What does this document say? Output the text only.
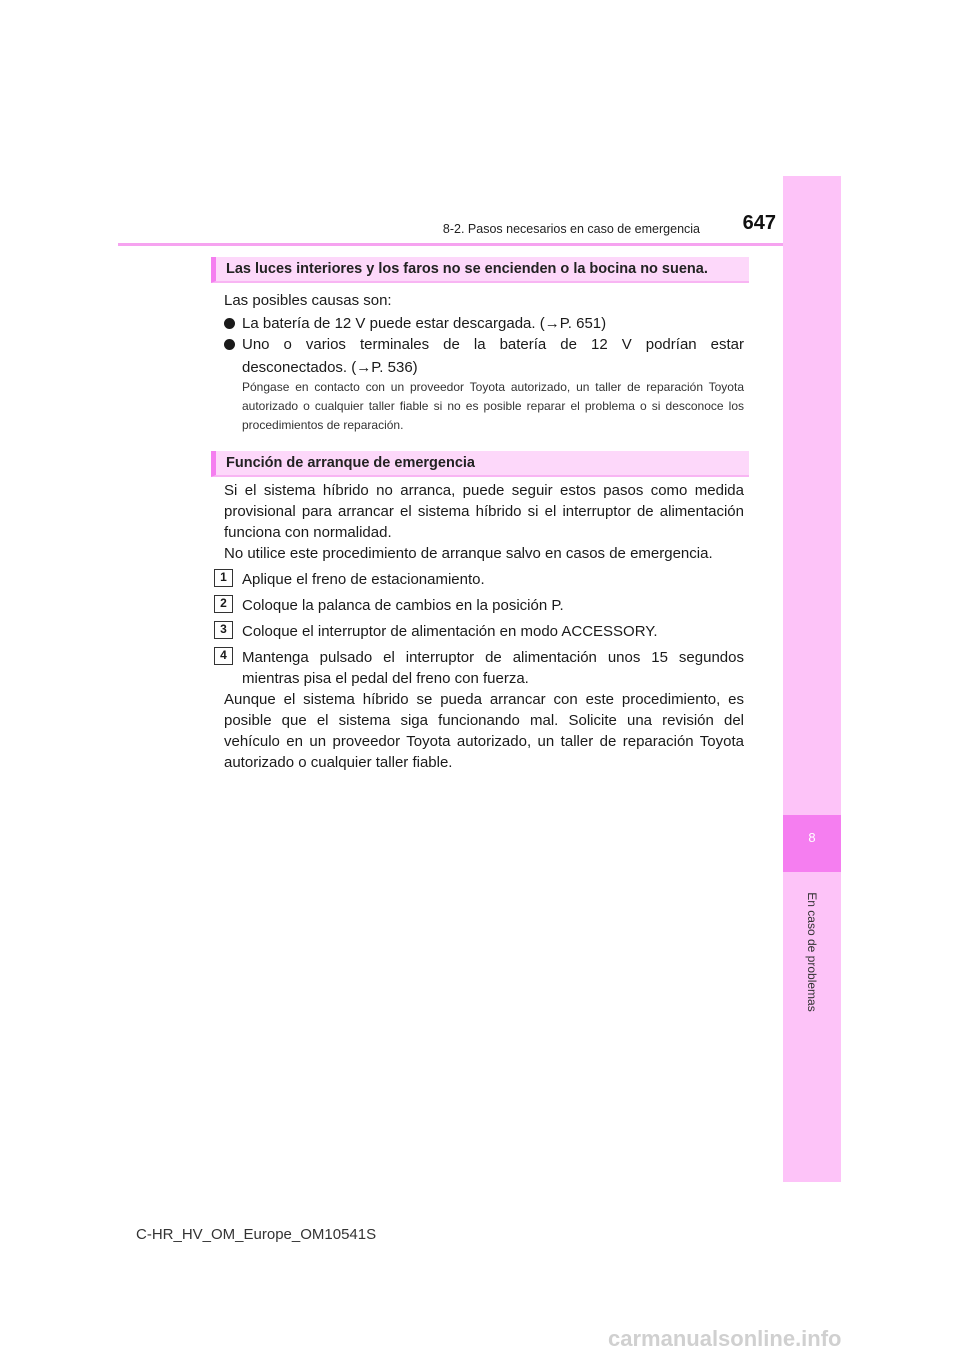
8-2. Pasos necesarios en caso de emergencia	647
8
En caso de problemas
Las luces interiores y los faros no se encienden o la bocina no suena.
Las posibles causas son:
La batería de 12 V puede estar descargada. (→P. 651)
Uno o varios terminales de la batería de 12 V podrían estar desconectados. (→P. 536)
Póngase en contacto con un proveedor Toyota autorizado, un taller de reparación Toyota autorizado o cualquier taller fiable si no es posible reparar el problema o si desconoce los procedimientos de reparación.
Función de arranque de emergencia
Si el sistema híbrido no arranca, puede seguir estos pasos como medida provisional para arrancar el sistema híbrido si el interruptor de alimentación funciona con normalidad.
No utilice este procedimiento de arranque salvo en casos de emergencia.
1	Aplique el freno de estacionamiento.
2	Coloque la palanca de cambios en la posición P.
3	Coloque el interruptor de alimentación en modo ACCESSORY.
4	Mantenga pulsado el interruptor de alimentación unos 15 segundos mientras pisa el pedal del freno con fuerza.
Aunque el sistema híbrido se pueda arrancar con este procedimiento, es posible que el sistema siga funcionando mal. Solicite una revisión del vehículo en un proveedor Toyota autorizado, un taller de reparación Toyota autorizado o cualquier taller fiable.
C-HR_HV_OM_Europe_OM10541S
carmanualsonline.info
